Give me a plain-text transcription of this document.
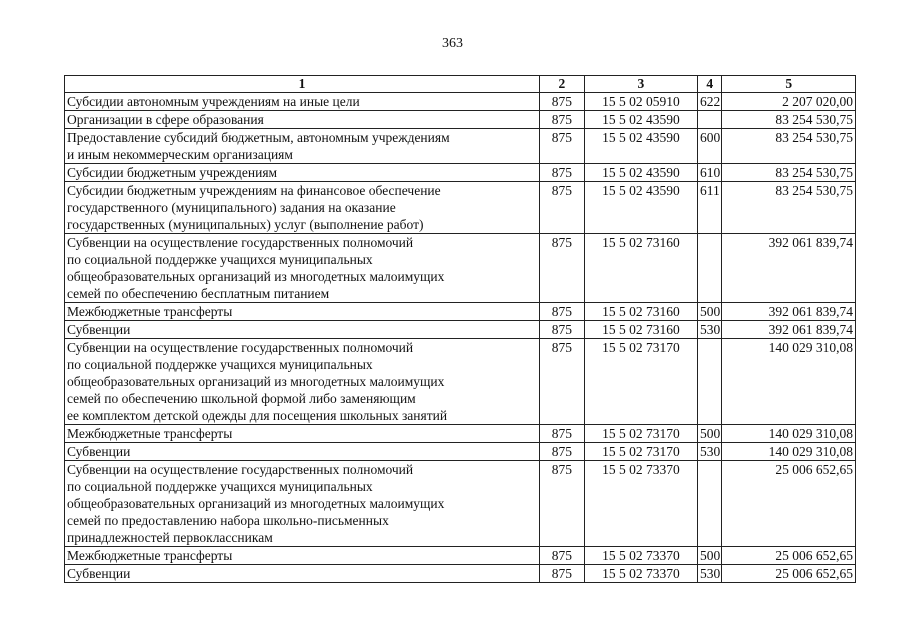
363
1	2	3	4	5

Субсидии автономным учреждениям на иные цели	875	15 5 02 05910	622	2 207 020,00

Организации в сфере образования	875	15 5 02 43590		83 254 530,75

Предоставление субсидий бюджетным, автономным учреждениям
и иным некоммерческим организациям	875	15 5 02 43590	600	83 254 530,75

Субсидии бюджетным учреждениям	875	15 5 02 43590	610	83 254 530,75

Субсидии бюджетным учреждениям на финансовое обеспечение
государственного (муниципального) задания на оказание
государственных (муниципальных) услуг (выполнение работ)	875	15 5 02 43590	611	83 254 530,75

Субвенции на осуществление государственных полномочий
по социальной поддержке учащихся муниципальных
общеобразовательных организаций из многодетных малоимущих
семей по обеспечению бесплатным питанием	875	15 5 02 73160		392 061 839,74

Межбюджетные трансферты	875	15 5 02 73160	500	392 061 839,74

Субвенции	875	15 5 02 73160	530	392 061 839,74

Субвенции на осуществление государственных полномочий
по социальной поддержке учащихся муниципальных
общеобразовательных организаций из многодетных малоимущих
семей по обеспечению школьной формой либо заменяющим
ее комплектом детской одежды для посещения школьных занятий	875	15 5 02 73170		140 029 310,08

Межбюджетные трансферты	875	15 5 02 73170	500	140 029 310,08

Субвенции	875	15 5 02 73170	530	140 029 310,08

Субвенции на осуществление государственных полномочий
по социальной поддержке учащихся муниципальных
общеобразовательных организаций из многодетных малоимущих
семей по предоставлению набора школьно-письменных
принадлежностей первоклассникам	875	15 5 02 73370		25 006 652,65

Межбюджетные трансферты	875	15 5 02 73370	500	25 006 652,65

Субвенции	875	15 5 02 73370	530	25 006 652,65
